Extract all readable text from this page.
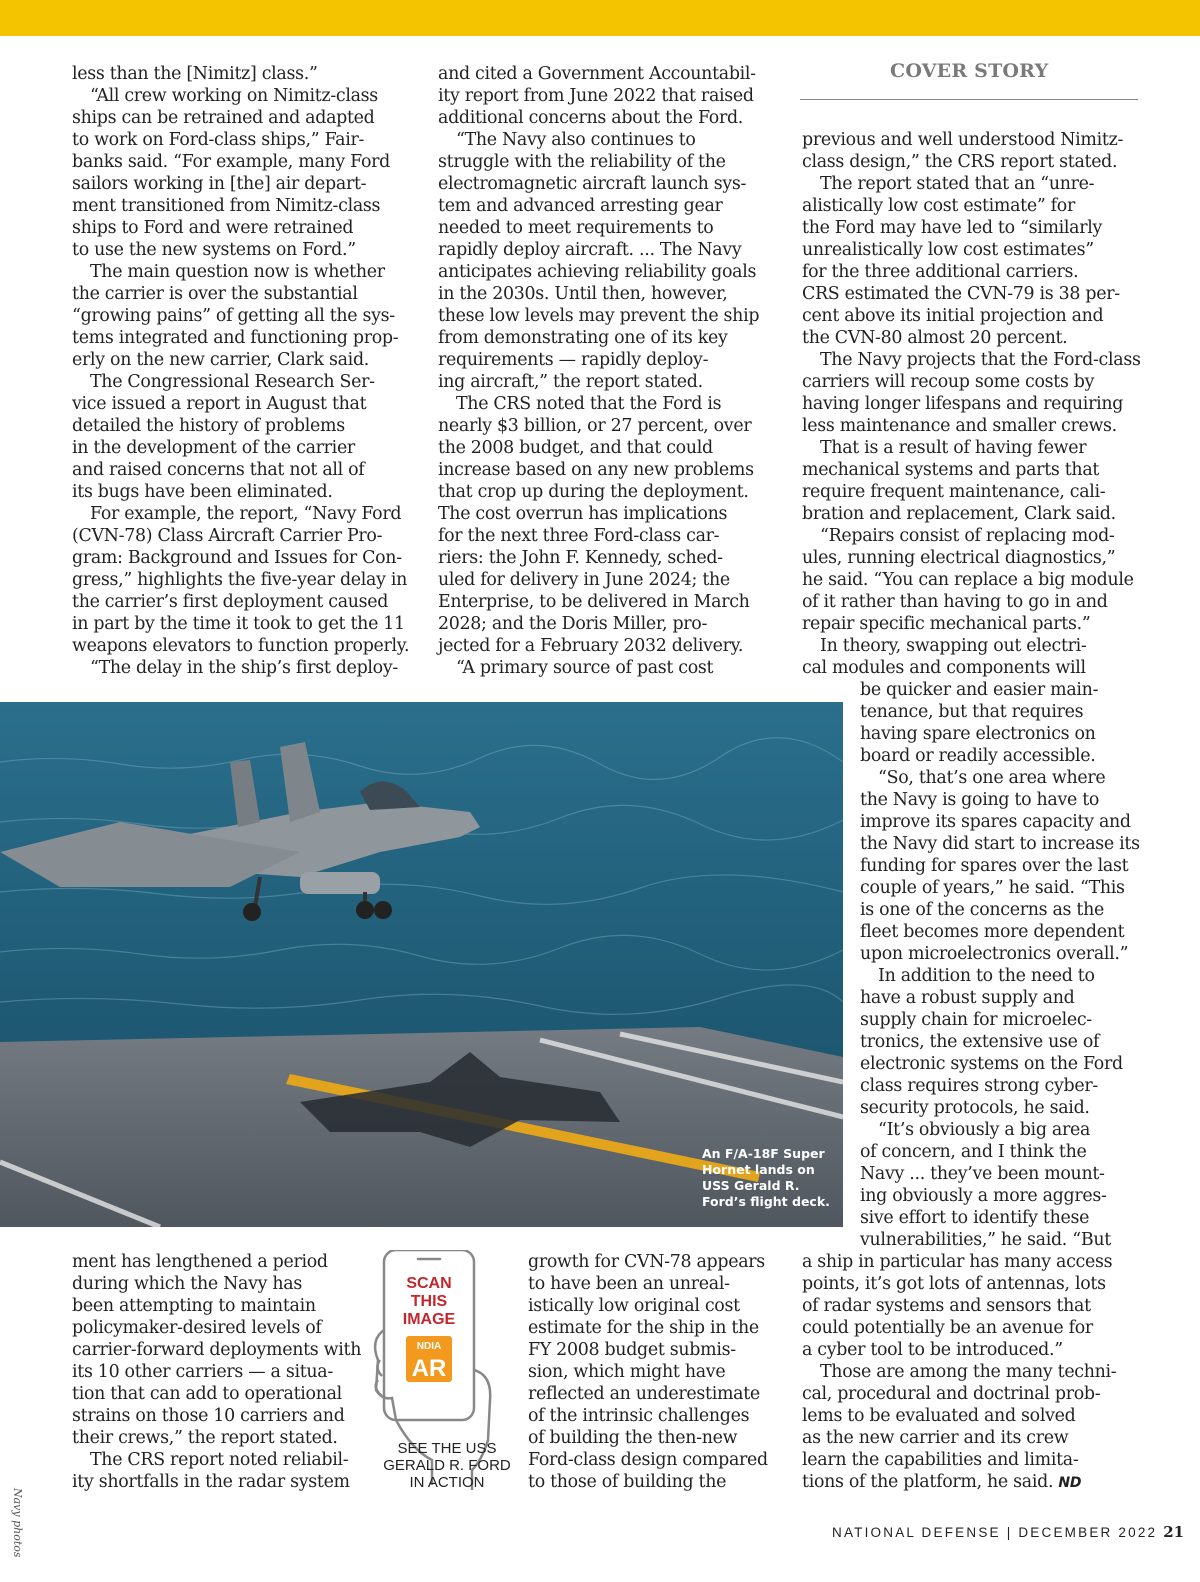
COVER STORY

less than the [Nimitz] class.”

“All crew working on Nimitz-class

ships can be retrained and adapted

to work on Ford-class ships,” Fair-

banks said. “For example, many Ford

sailors working in [the] air depart-

ment transitioned from Nimitz-class

ships to Ford and were retrained

to use the new systems on Ford.”

The main question now is whether

the carrier is over the substantial

“growing pains” of getting all the sys-

tems integrated and functioning prop-

erly on the new carrier, Clark said.

The Congressional Research Ser-

vice issued a report in August that

detailed the history of problems

in the development of the carrier

and raised concerns that not all of

its bugs have been eliminated.

For example, the report, “Navy Ford

(CVN-78) Class Aircraft Carrier Pro-

gram: Background and Issues for Con-

gress,” highlights the five-year delay in

the carrier’s first deployment caused

in part by the time it took to get the 11

weapons elevators to function properly.

“The delay in the ship’s first deploy-

and cited a Government Accountabil-

ity report from June 2022 that raised

additional concerns about the Ford.

“The Navy also continues to

struggle with the reliability of the

electromagnetic aircraft launch sys-

tem and advanced arresting gear

needed to meet requirements to

rapidly deploy aircraft. ... The Navy

anticipates achieving reliability goals

in the 2030s. Until then, however,

these low levels may prevent the ship

from demonstrating one of its key

requirements — rapidly deploy-

ing aircraft,” the report stated.

The CRS noted that the Ford is

nearly $3 billion, or 27 percent, over

the 2008 budget, and that could

increase based on any new problems

that crop up during the deployment.

The cost overrun has implications

for the next three Ford-class car-

riers: the John F. Kennedy, sched-

uled for delivery in June 2024; the

Enterprise, to be delivered in March

2028; and the Doris Miller, pro-

jected for a February 2032 delivery.

“A primary source of past cost

previous and well understood Nimitz-

class design,” the CRS report stated.

The report stated that an “unre-

alistically low cost estimate” for

the Ford may have led to “similarly

unrealistically low cost estimates”

for the three additional carriers.

CRS estimated the CVN-79 is 38 per-

cent above its initial projection and

the CVN-80 almost 20 percent.

The Navy projects that the Ford-class

carriers will recoup some costs by

having longer lifespans and requiring

less maintenance and smaller crews.

That is a result of having fewer

mechanical systems and parts that

require frequent maintenance, cali-

bration and replacement, Clark said.

“Repairs consist of replacing mod-

ules, running electrical diagnostics,”

he said. “You can replace a big module

of it rather than having to go in and

repair specific mechanical parts.”

In theory, swapping out electri-

cal modules and components will

be quicker and easier main-

tenance, but that requires

having spare electronics on

board or readily accessible.

“So, that’s one area where

the Navy is going to have to

improve its spares capacity and

the Navy did start to increase its

funding for spares over the last

couple of years,” he said. “This

is one of the concerns as the

fleet becomes more dependent

upon microelectronics overall.”

In addition to the need to

have a robust supply and

supply chain for microelec-

tronics, the extensive use of

electronic systems on the Ford

class requires strong cyber-

security protocols, he said.

“It’s obviously a big area

of concern, and I think the

Navy ... they’ve been mount-

ing obviously a more aggres-

sive effort to identify these

vulnerabilities,” he said. “But

a ship in particular has many access

points, it’s got lots of antennas, lots

of radar systems and sensors that

could potentially be an avenue for

a cyber tool to be introduced.”

Those are among the many techni-

cal, procedural and doctrinal prob-

lems to be evaluated and solved

as the new carrier and its crew

learn the capabilities and limita-

tions of the platform, he said. ND

ment has lengthened a period

during which the Navy has

been attempting to maintain

policymaker-desired levels of

carrier-forward deployments with

its 10 other carriers — a situa-

tion that can add to operational

strains on those 10 carriers and

their crews,” the report stated.

The CRS report noted reliabil-

ity shortfalls in the radar system

growth for CVN-78 appears

to have been an unreal-

istically low original cost

estimate for the ship in the

FY 2008 budget submis-

sion, which might have

reflected an underestimate

of the intrinsic challenges

of building the then-new

Ford-class design compared

to those of building the

An F/A-18F Super
Hornet lands on
USS Gerald R.
Ford’s flight deck.
Navy photos
SCAN
THIS
IMAGE
NDIA
AR
SEE THE USS
GERALD R. FORD
IN ACTION
NATIONAL DEFENSE | DECEMBER 2022 21
